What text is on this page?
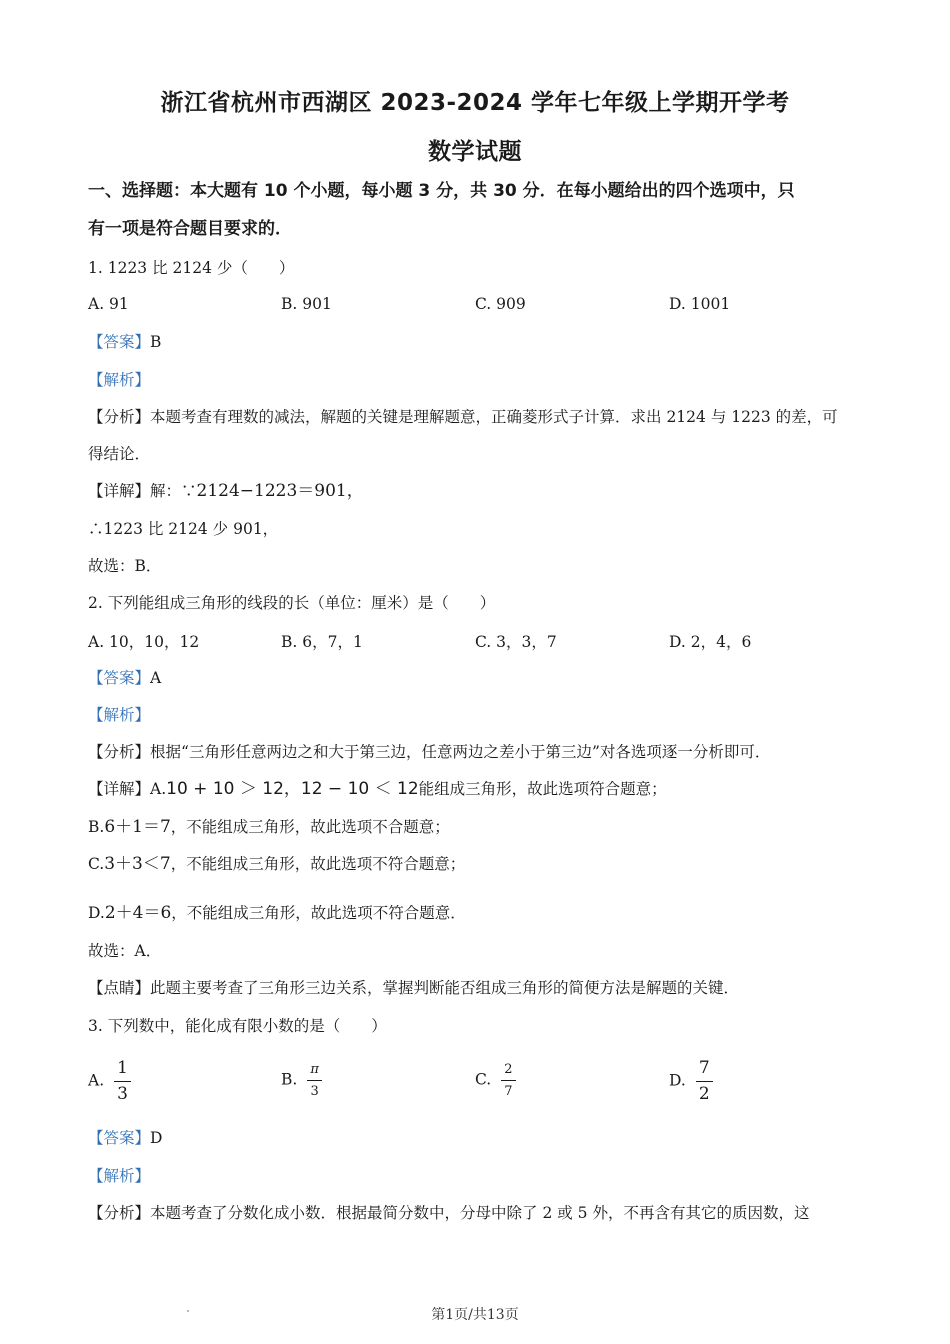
浙江省杭州市西湖区 2023-2024 学年七年级上学期开学考
数学试题
一、选择题：本大题有 10 个小题，每小题 3 分，共 30 分．在每小题给出的四个选项中，只
有一项是符合题目要求的．
1. 1223 比 2124 少（　　）
A. 91	B. 901	C. 909	D. 1001
【答案】B
【解析】
【分析】本题考查有理数的减法，解题的关键是理解题意，正确菱形式子计算．求出 2124 与 1223 的差，可
得结论．
【详解】解：∵2124−1223＝901，
∴1223 比 2124 少 901，
故选：B．
2. 下列能组成三角形的线段的长（单位：厘米）是（　　）
A. 10，10，12	B. 6，7，1	C. 3，3，7	D. 2，4，6
【答案】A
【解析】
【分析】根据“三角形任意两边之和大于第三边，任意两边之差小于第三边”对各选项逐一分析即可．
【详解】A.10 + 10 ＞ 12，12 − 10 ＜ 12能组成三角形，故此选项符合题意；
B.6＋1＝7，不能组成三角形，故此选项不合题意；
C.3＋3＜7，不能组成三角形，故此选项不符合题意；
D.2＋4＝6，不能组成三角形，故此选项不符合题意．
故选：A．
【点睛】此题主要考查了三角形三边关系，掌握判断能否组成三角形的简便方法是解题的关键．
3. 下列数中，能化成有限小数的是（　　）
A. $\frac{1}{3}$	B. $\frac{\pi}{3}$	C. $\frac{2}{7}$	D. $\frac{7}{2}$
【答案】D
【解析】
【分析】本题考查了分数化成小数．根据最简分数中，分母中除了 2 或 5 外，不再含有其它的质因数，这
第1页/共13页
